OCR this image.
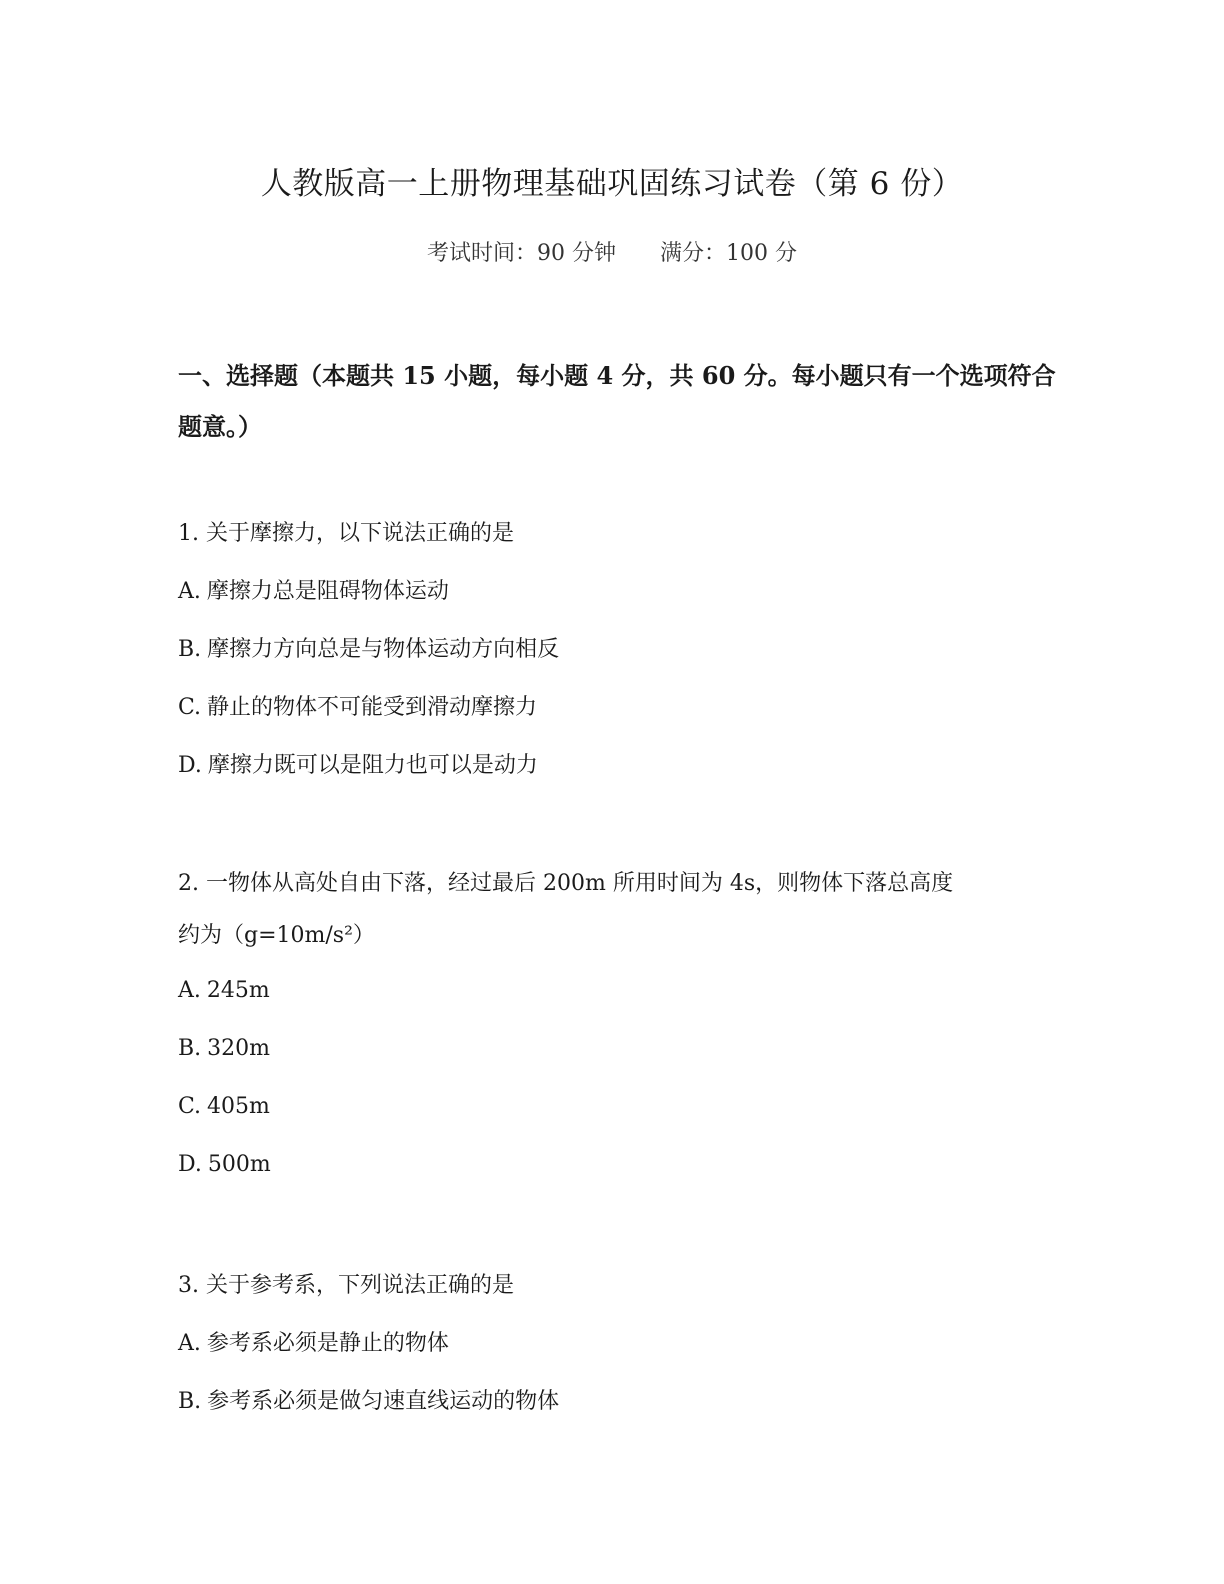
人教版高一上册物理基础巩固练习试卷（第 6 份）
考试时间：90 分钟 满分：100 分
一、选择题（本题共 15 小题，每小题 4 分，共 60 分。每小题只有一个选项符合题意。）
1. 关于摩擦力，以下说法正确的是
A. 摩擦力总是阻碍物体运动
B. 摩擦力方向总是与物体运动方向相反
C. 静止的物体不可能受到滑动摩擦力
D. 摩擦力既可以是阻力也可以是动力
2. 一物体从高处自由下落，经过最后 200m 所用时间为 4s，则物体下落总高度
约为（g=10m/s²）
A. 245m
B. 320m
C. 405m
D. 500m
3. 关于参考系，下列说法正确的是
A. 参考系必须是静止的物体
B. 参考系必须是做匀速直线运动的物体
